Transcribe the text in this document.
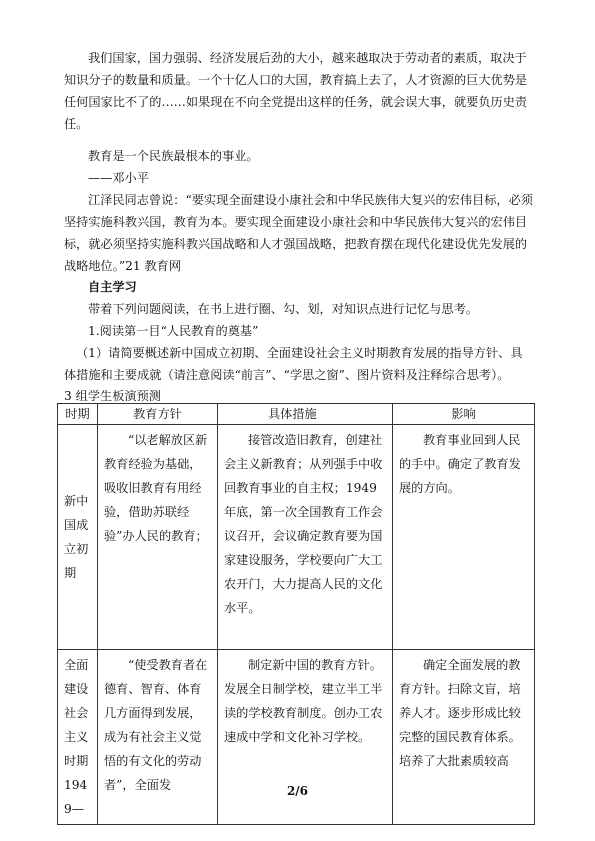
我们国家，国力强弱、经济发展后劲的大小，越来越取决于劳动者的素质，取决于知识分子的数量和质量。一个十亿人口的大国，教育搞上去了，人才资源的巨大优势是任何国家比不了的……如果现在不向全党提出这样的任务，就会误大事，就要负历史责任。

教育是一个民族最根本的事业。

——邓小平

江泽民同志曾说：“要实现全面建设小康社会和中华民族伟大复兴的宏伟目标，必须坚持实施科教兴国，教育为本。要实现全面建设小康社会和中华民族伟大复兴的宏伟目标，就必须坚持实施科教兴国战略和人才强国战略，把教育摆在现代化建设优先发展的战略地位。”21 教育网

自主学习

带着下列问题阅读，在书上进行圈、勾、划，对知识点进行记忆与思考。

1.阅读第一目“人民教育的奠基”

（1）请简要概述新中国成立初期、全面建设社会主义时期教育发展的指导方针、具体措施和主要成就（请注意阅读“前言”、“学思之窗”、图片资料及注释综合思考）。

3 组学生板演预测

时期	教育方针	具体措施	影响
新中国成立初期	“以老解放区新教育经验为基础，吸收旧教育有用经验，借助苏联经验”办人民的教育；	接管改造旧教育，创建社会主义新教育；从列强手中收回教育事业的自主权；1949 年底，第一次全国教育工作会议召开，会议确定教育要为国家建设服务，学校要向广大工农开门，大力提高人民的文化水平。	教育事业回到人民的手中。确定了教育发展的方向。
全面建设社会主义时期 1949—	“使受教育者在德育、智育、体育几方面得到发展，成为有社会主义觉悟的有文化的劳动者”，全面发	制定新中国的教育方针。发展全日制学校，建立半工半读的学校教育制度。创办工农速成中学和文化补习学校。	确定全面发展的教育方针。扫除文盲，培养人才。逐步形成比较完整的国民教育体系。培养了大批素质较高
2/6
